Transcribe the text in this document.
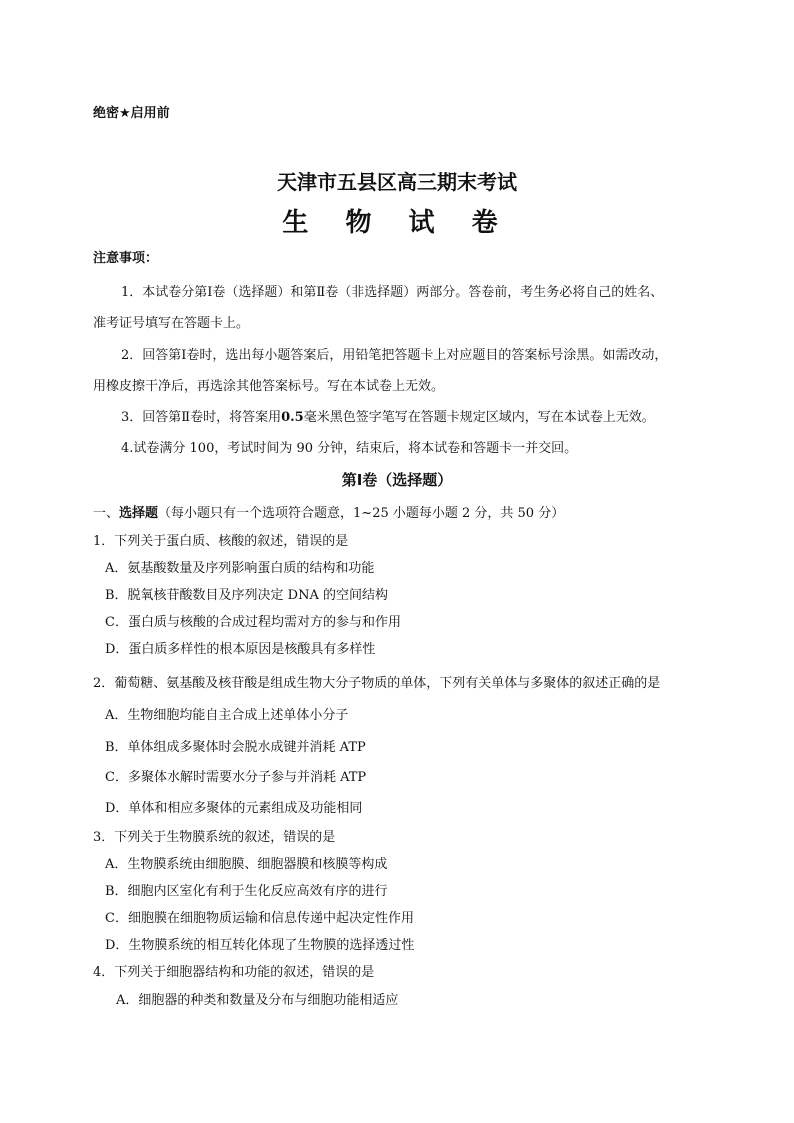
绝密★启用前
天津市五县区高三期末考试
生 物 试 卷
注意事项：
1．本试卷分第Ⅰ卷（选择题）和第Ⅱ卷（非选择题）两部分。答卷前，考生务必将自己的姓名、
准考证号填写在答题卡上。
2．回答第Ⅰ卷时，选出每小题答案后，用铅笔把答题卡上对应题目的答案标号涂黑。如需改动，
用橡皮擦干净后，再选涂其他答案标号。写在本试卷上无效。
3．回答第Ⅱ卷时，将答案用0.5毫米黑色签字笔写在答题卡规定区域内，写在本试卷上无效。
4.试卷满分 100，考试时间为 90 分钟，结束后，将本试卷和答题卡一并交回。
第Ⅰ卷（选择题）
一、选择题（每小题只有一个选项符合题意，1~25 小题每小题 2 分，共 50 分）
1．下列关于蛋白质、核酸的叙述，错误的是
A．氨基酸数量及序列影响蛋白质的结构和功能
B．脱氧核苷酸数目及序列决定 DNA 的空间结构
C．蛋白质与核酸的合成过程均需对方的参与和作用
D．蛋白质多样性的根本原因是核酸具有多样性
2．葡萄糖、氨基酸及核苷酸是组成生物大分子物质的单体，下列有关单体与多聚体的叙述正确的是
A．生物细胞均能自主合成上述单体小分子
B．单体组成多聚体时会脱水成键并消耗 ATP
C．多聚体水解时需要水分子参与并消耗 ATP
D．单体和相应多聚体的元素组成及功能相同
3．下列关于生物膜系统的叙述，错误的是
A．生物膜系统由细胞膜、细胞器膜和核膜等构成
B．细胞内区室化有利于生化反应高效有序的进行
C．细胞膜在细胞物质运输和信息传递中起决定性作用
D．生物膜系统的相互转化体现了生物膜的选择透过性
4．下列关于细胞器结构和功能的叙述，错误的是
A．细胞器的种类和数量及分布与细胞功能相适应
